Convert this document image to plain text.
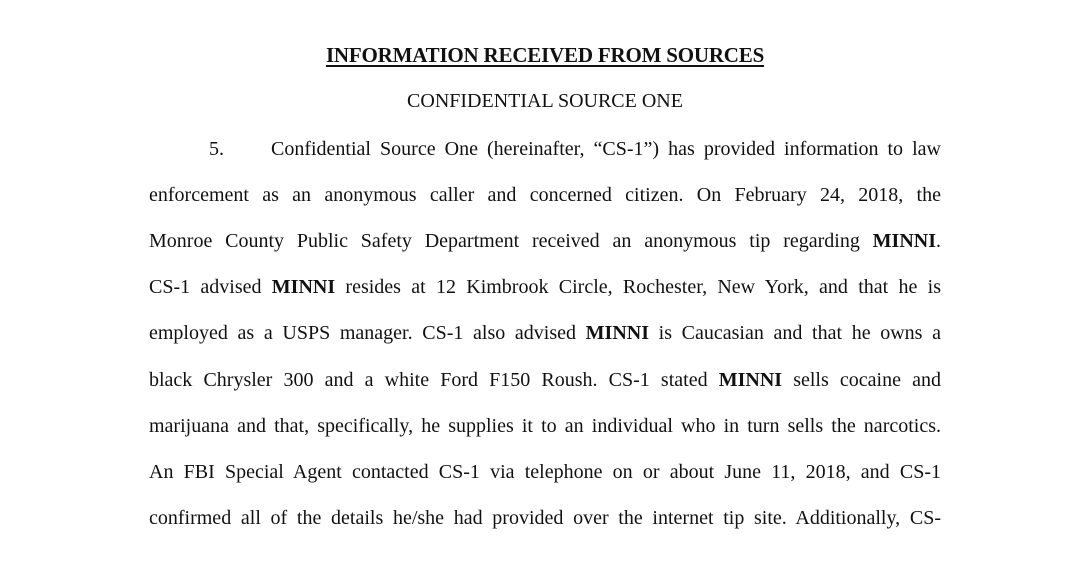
INFORMATION RECEIVED FROM SOURCES
CONFIDENTIAL SOURCE ONE
5. Confidential Source One (hereinafter, “CS-1”) has provided information to law
enforcement as an anonymous caller and concerned citizen. On February 24, 2018, the
Monroe County Public Safety Department received an anonymous tip regarding MINNI.
CS-1 advised MINNI resides at 12 Kimbrook Circle, Rochester, New York, and that he is
employed as a USPS manager. CS-1 also advised MINNI is Caucasian and that he owns a
black Chrysler 300 and a white Ford F150 Roush. CS-1 stated MINNI sells cocaine and
marijuana and that, specifically, he supplies it to an individual who in turn sells the narcotics.
An FBI Special Agent contacted CS-1 via telephone on or about June 11, 2018, and CS-1
confirmed all of the details he/she had provided over the internet tip site. Additionally, CS-
